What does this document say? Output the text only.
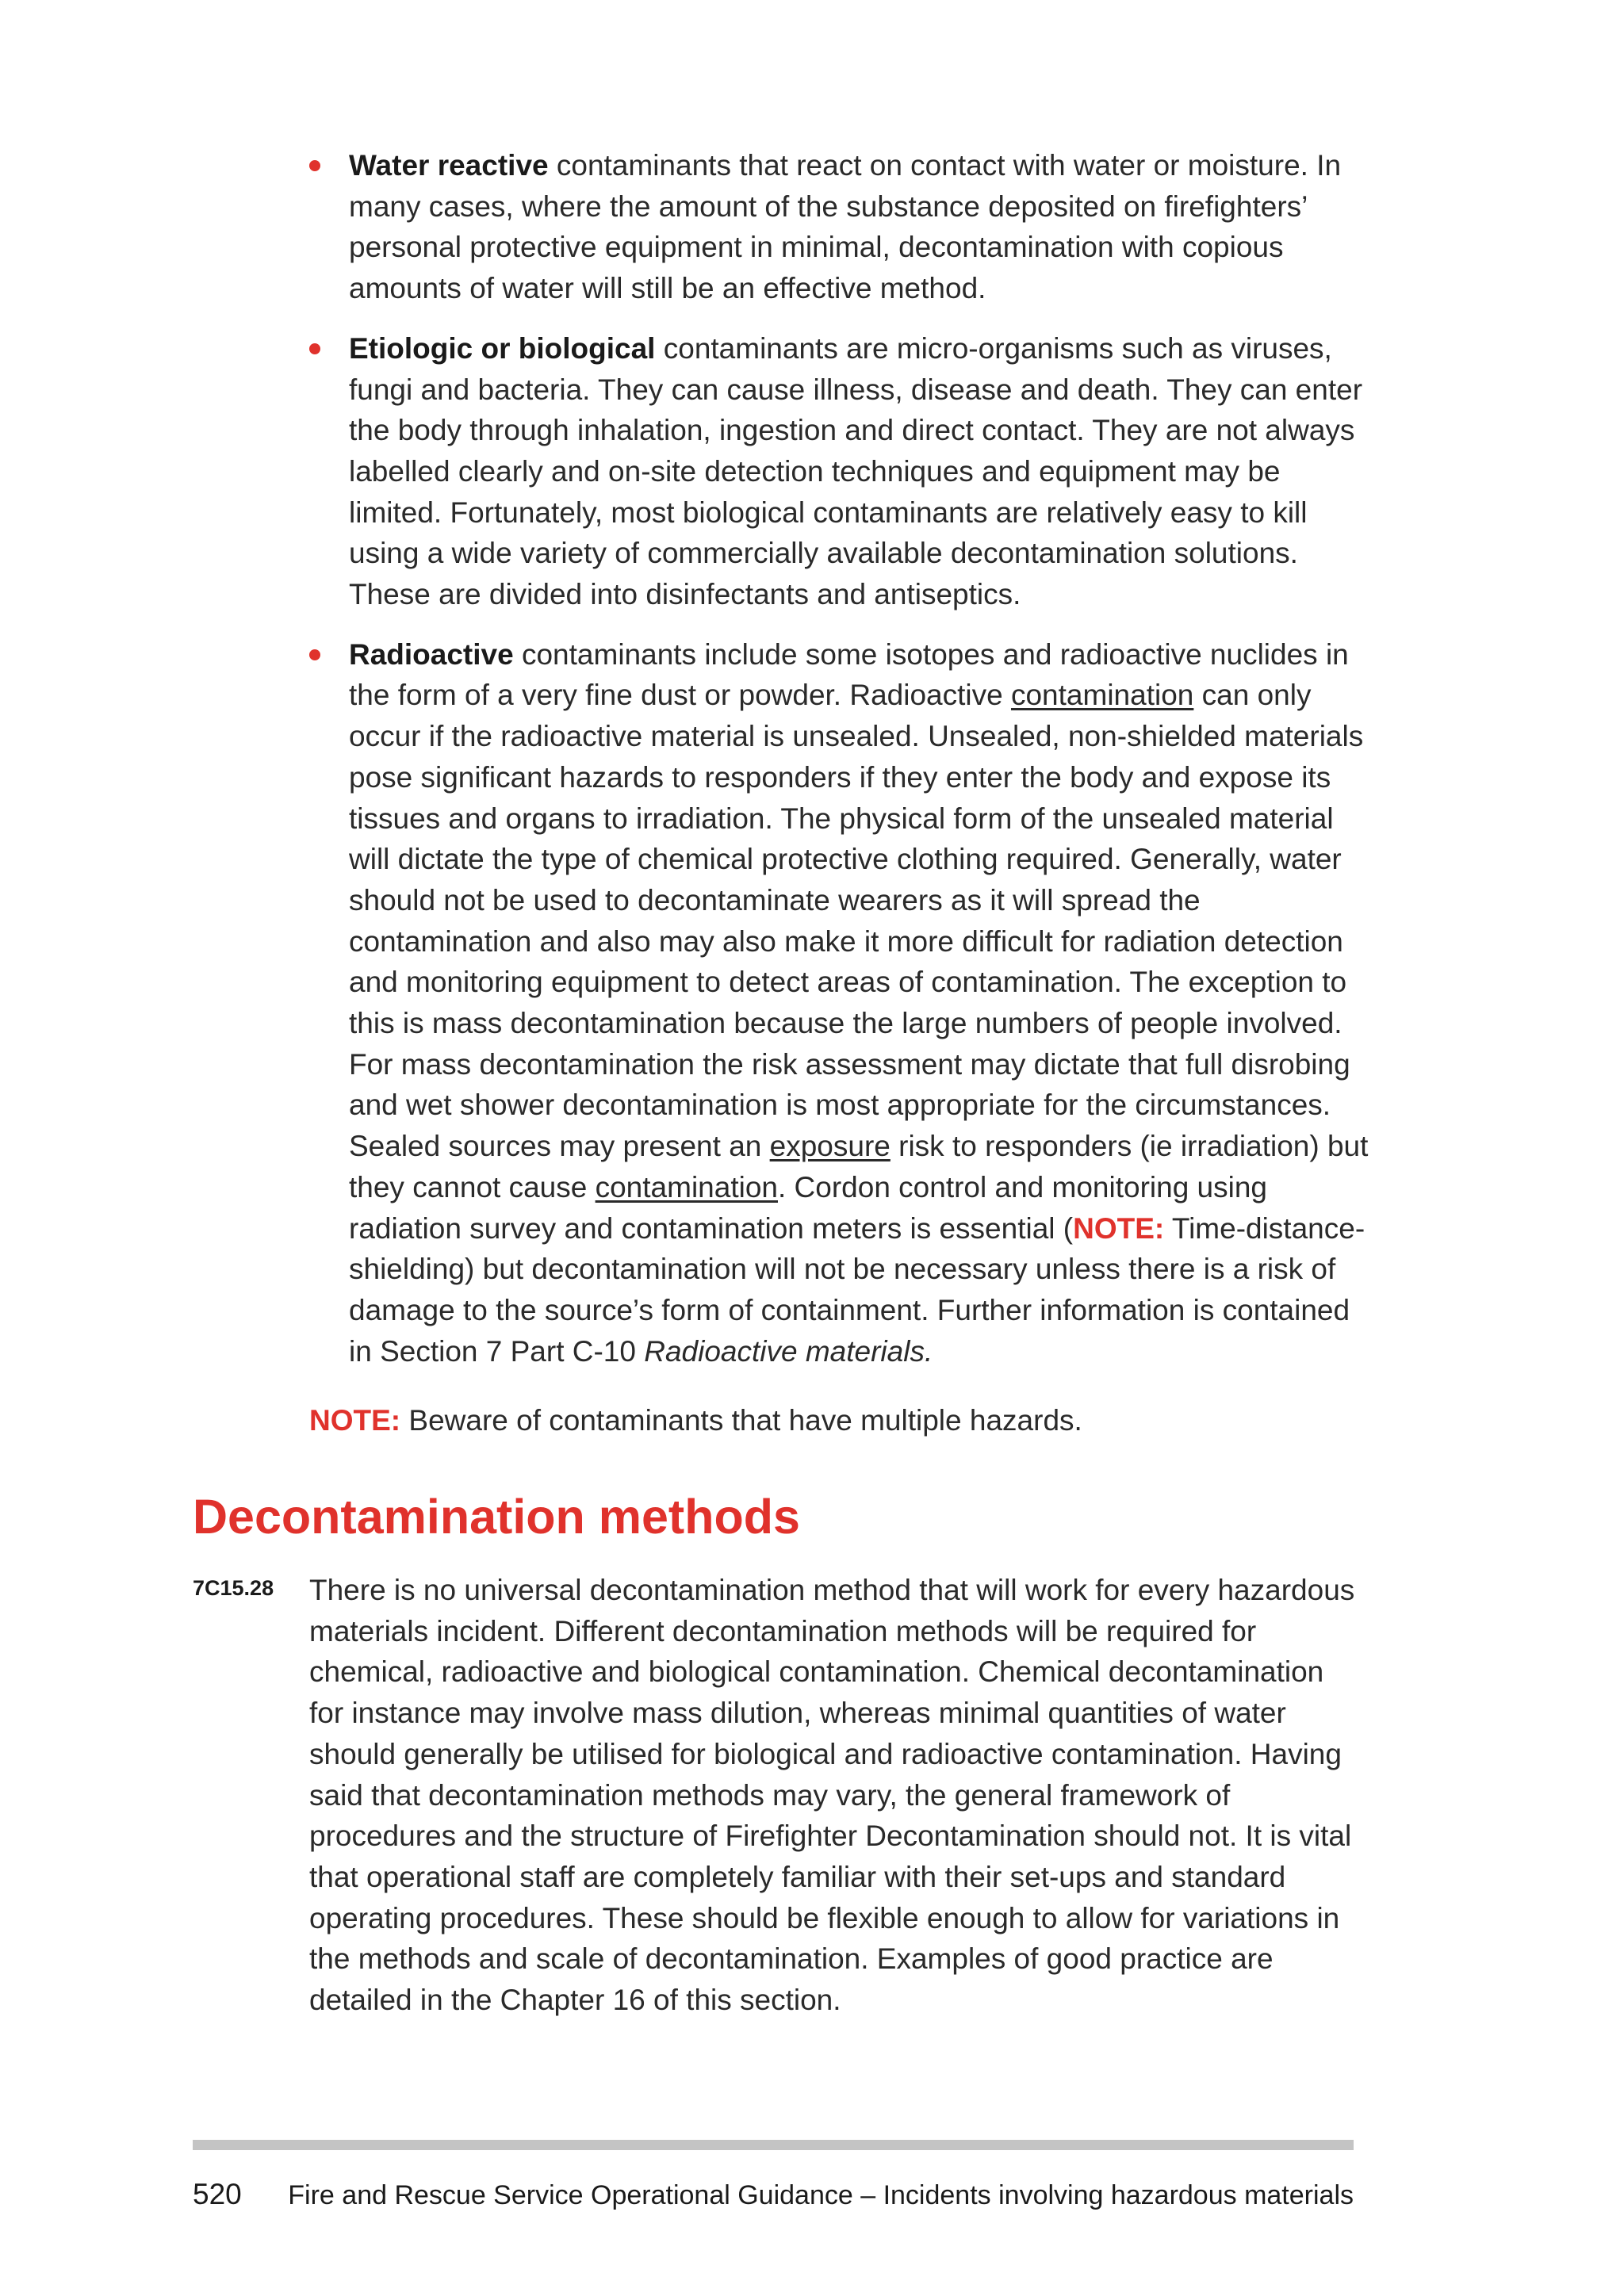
Water reactive contaminants that react on contact with water or moisture. In many cases, where the amount of the substance deposited on firefighters’ personal protective equipment in minimal, decontamination with copious amounts of water will still be an effective method.
Etiologic or biological contaminants are micro-organisms such as viruses, fungi and bacteria. They can cause illness, disease and death. They can enter the body through inhalation, ingestion and direct contact. They are not always labelled clearly and on-site detection techniques and equipment may be limited. Fortunately, most biological contaminants are relatively easy to kill using a wide variety of commercially available decontamination solutions. These are divided into disinfectants and antiseptics.
Radioactive contaminants include some isotopes and radioactive nuclides in the form of a very fine dust or powder. Radioactive contamination can only occur if the radioactive material is unsealed. Unsealed, non-shielded materials pose significant hazards to responders if they enter the body and expose its tissues and organs to irradiation. The physical form of the unsealed material will dictate the type of chemical protective clothing required. Generally, water should not be used to decontaminate wearers as it will spread the contamination and also may also make it more difficult for radiation detection and monitoring equipment to detect areas of contamination. The exception to this is mass decontamination because the large numbers of people involved. For mass decontamination the risk assessment may dictate that full disrobing and wet shower decontamination is most appropriate for the circumstances. Sealed sources may present an exposure risk to responders (ie irradiation) but they cannot cause contamination. Cordon control and monitoring using radiation survey and contamination meters is essential (NOTE: Time-distance-shielding) but decontamination will not be necessary unless there is a risk of damage to the source’s form of containment. Further information is contained in Section 7 Part C-10 Radioactive materials.
NOTE: Beware of contaminants that have multiple hazards.
Decontamination methods
7C15.28 There is no universal decontamination method that will work for every hazardous materials incident. Different decontamination methods will be required for chemical, radioactive and biological contamination. Chemical decontamination for instance may involve mass dilution, whereas minimal quantities of water should generally be utilised for biological and radioactive contamination. Having said that decontamination methods may vary, the general framework of procedures and the structure of Firefighter Decontamination should not. It is vital that operational staff are completely familiar with their set-ups and standard operating procedures. These should be flexible enough to allow for variations in the methods and scale of decontamination. Examples of good practice are detailed in the Chapter 16 of this section.
520 Fire and Rescue Service Operational Guidance – Incidents involving hazardous materials
